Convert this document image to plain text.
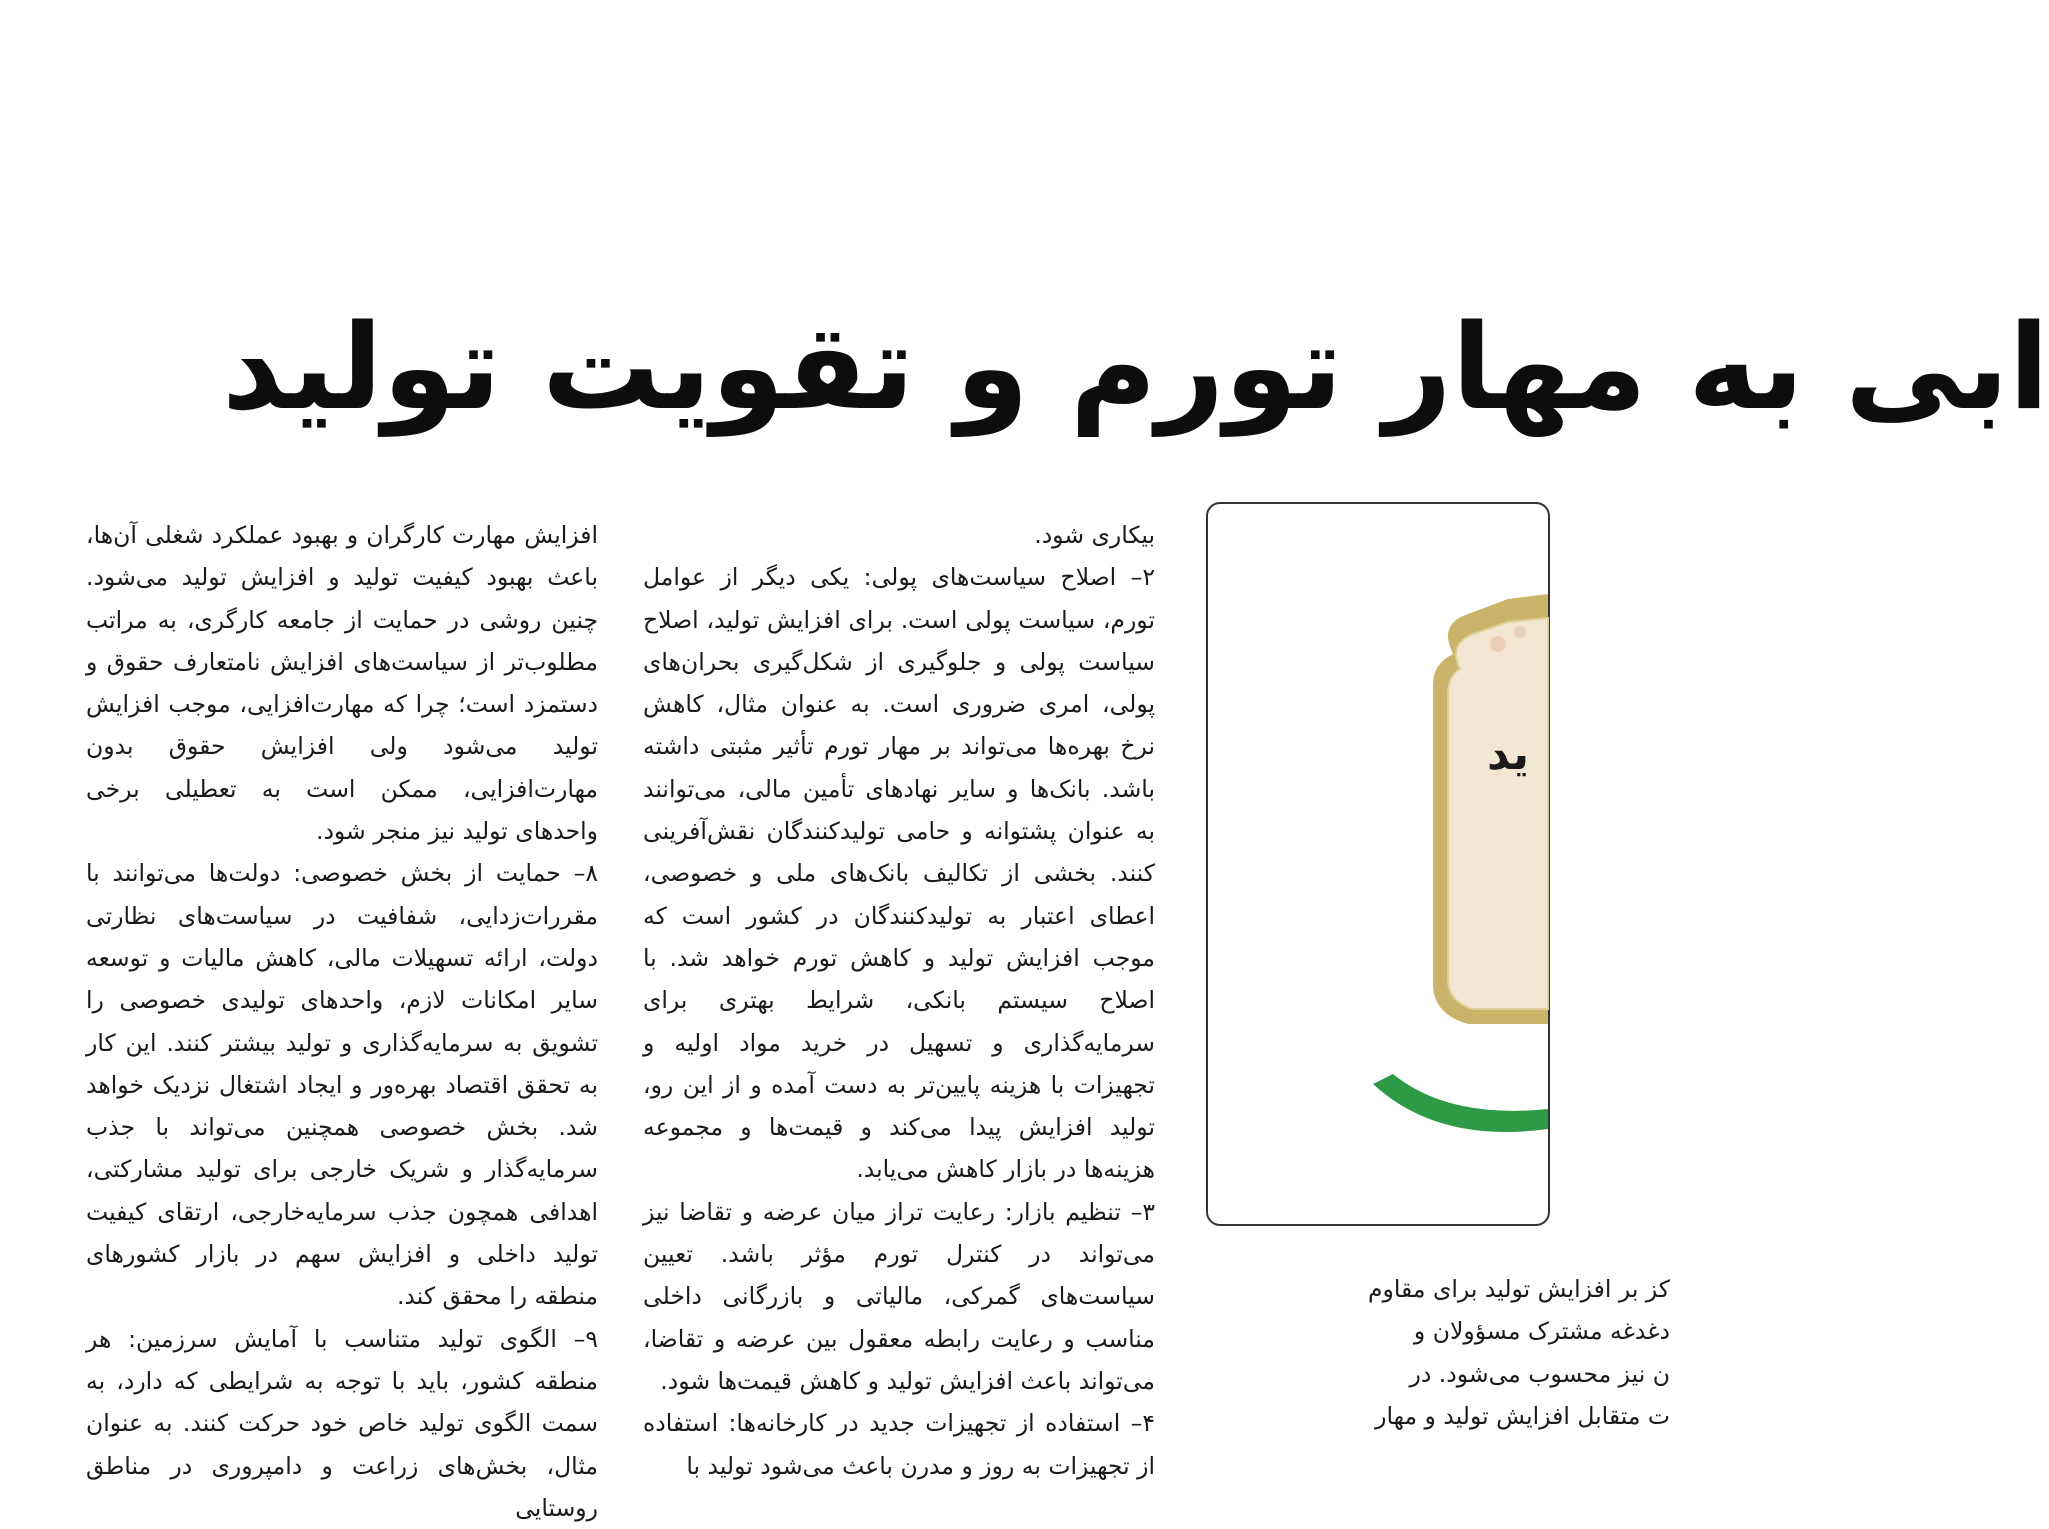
ابی به مهار تورم و تقویت تولید

بیکاری شود.

۲– اصلاح سیاست‌های پولی: یکی دیگر از عوامل تورم، سیاست پولی است. برای افزایش تولید، اصلاح سیاست پولی و جلوگیری از شکل‌گیری بحران‌های پولی، امری ضروری است. به عنوان مثال، کاهش نرخ بهره‌ها می‌تواند بر مهار تورم تأثیر مثبتی داشته باشد. بانک‌ها و سایر نهادهای تأمین مالی، می‌توانند به عنوان پشتوانه و حامی تولیدکنندگان نقش‌آفرینی کنند. بخشی از تکالیف بانک‌های ملی و خصوصی، اعطای اعتبار به تولیدکنندگان در کشور است که موجب افزایش تولید و کاهش تورم خواهد شد. با اصلاح سیستم بانکی، شرایط بهتری برای سرمایه‌گذاری و تسهیل در خرید مواد اولیه و تجهیزات با هزینه پایین‌تر به دست آمده و از این رو، تولید افزایش پیدا می‌کند و قیمت‌ها و مجموعه هزینه‌ها در بازار کاهش می‌یابد.

۳– تنظیم بازار: رعایت تراز میان عرضه و تقاضا نیز می‌تواند در کنترل تورم مؤثر باشد. تعیین سیاست‌های گمرکی، مالیاتی و بازرگانی داخلی مناسب و رعایت رابطه معقول بین عرضه و تقاضا، می‌تواند باعث افزایش تولید و کاهش قیمت‌ها شود.

۴– استفاده از تجهیزات جدید در کارخانه‌ها: استفاده از تجهیزات به روز و مدرن باعث می‌شود تولید با

افزایش مهارت کارگران و بهبود عملکرد شغلی آن‌ها، باعث بهبود کیفیت تولید و افزایش تولید می‌شود. چنین روشی در حمایت از جامعه کارگری، به مراتب مطلوب‌تر از سیاست‌های افزایش نامتعارف حقوق و دستمزد است؛ چرا که مهارت‌افزایی، موجب افزایش تولید می‌شود ولی افزایش حقوق بدون مهارت‌افزایی، ممکن است به تعطیلی برخی واحدهای تولید نیز منجر شود.

۸– حمایت از بخش خصوصی: دولت‌ها می‌توانند با مقررات‌زدایی، شفافیت در سیاست‌های نظارتی دولت، ارائه تسهیلات مالی، کاهش مالیات و توسعه سایر امکانات لازم، واحدهای تولیدی خصوصی را تشویق به سرمایه‌گذاری و تولید بیشتر کنند. این کار به تحقق اقتصاد بهره‌ور و ایجاد اشتغال نزدیک خواهد شد. بخش خصوصی همچنین می‌تواند با جذب سرمایه‌گذار و شریک خارجی برای تولید مشارکتی، اهدافی همچون جذب سرمایه‌خارجی، ارتقای کیفیت تولید داخلی و افزایش سهم در بازار کشورهای منطقه را محقق کند.

۹– الگوی تولید متناسب با آمایش سرزمین: هر منطقه کشور، باید با توجه به شرایطی که دارد، به سمت الگوی تولید خاص خود حرکت کنند. به عنوان مثال، بخش‌های زراعت و دامپروری در مناطق روستایی

ید
کز بر افزایش تولید برای مقاوم
دغدغه مشترک مسؤولان و
ن نیز محسوب می‌شود. در
ت متقابل افزایش تولید و مهار
